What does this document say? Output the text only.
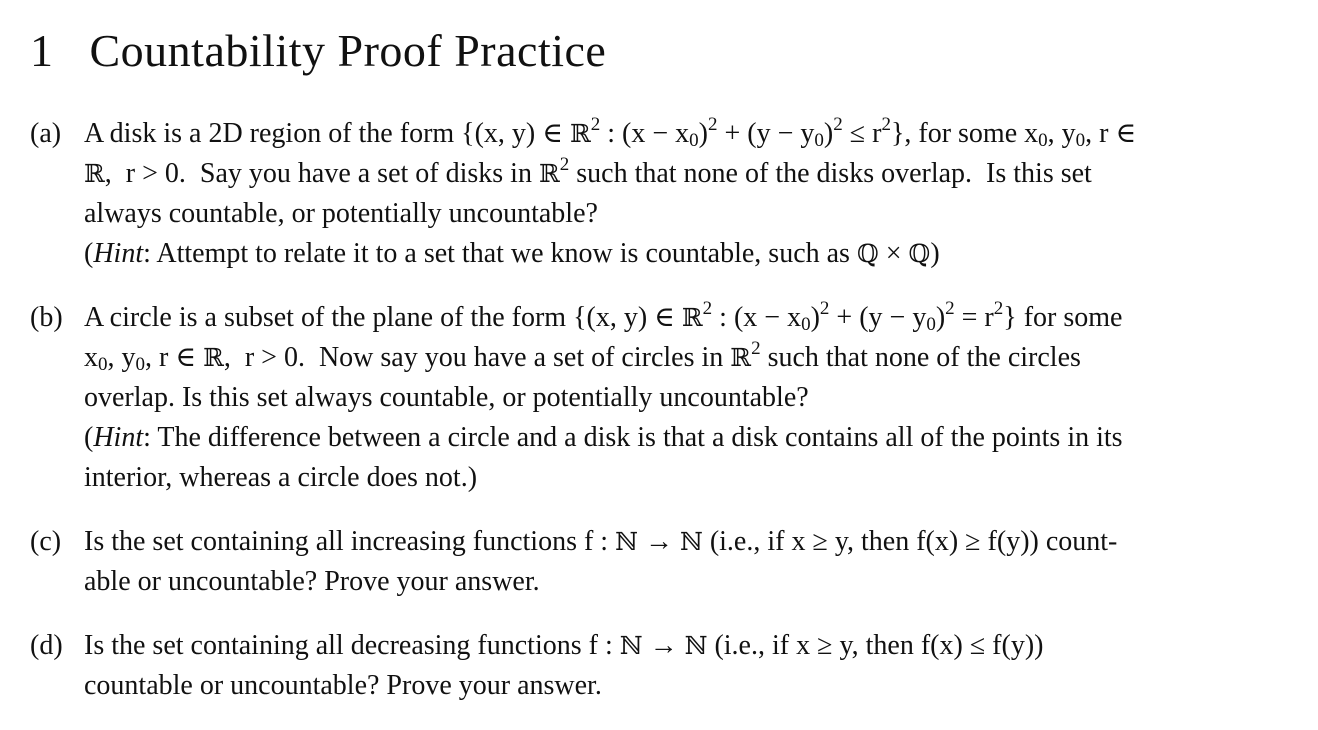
1 Countability Proof Practice
(a) A disk is a 2D region of the form {(x, y) ∈ ℝ$^2$ : $(x - x_0)^2 + (y - y_0)^2 \le r^2$}, for some $x_0$, $y_0$, r ∈
ℝ,  r > 0.  Say you have a set of disks in ℝ$^2$ such that none of the disks overlap.  Is this set
always countable, or potentially uncountable?
(Hint: Attempt to relate it to a set that we know is countable, such as ℚ × ℚ)
(b) A circle is a subset of the plane of the form {(x, y) ∈ ℝ$^2$ : $(x - x_0)^2 + (y - y_0)^2 = r^2$} for some
$x_0$, $y_0$, r ∈ ℝ,  r > 0.  Now say you have a set of circles in ℝ$^2$ such that none of the circles
overlap. Is this set always countable, or potentially uncountable?
(Hint: The difference between a circle and a disk is that a disk contains all of the points in its
interior, whereas a circle does not.)
(c) Is the set containing all increasing functions f : ℕ → ℕ (i.e., if x ≥ y, then f(x) ≥ f(y)) count-
able or uncountable? Prove your answer.
(d) Is the set containing all decreasing functions f : ℕ → ℕ (i.e., if x ≥ y, then f(x) ≤ f(y))
countable or uncountable? Prove your answer.
